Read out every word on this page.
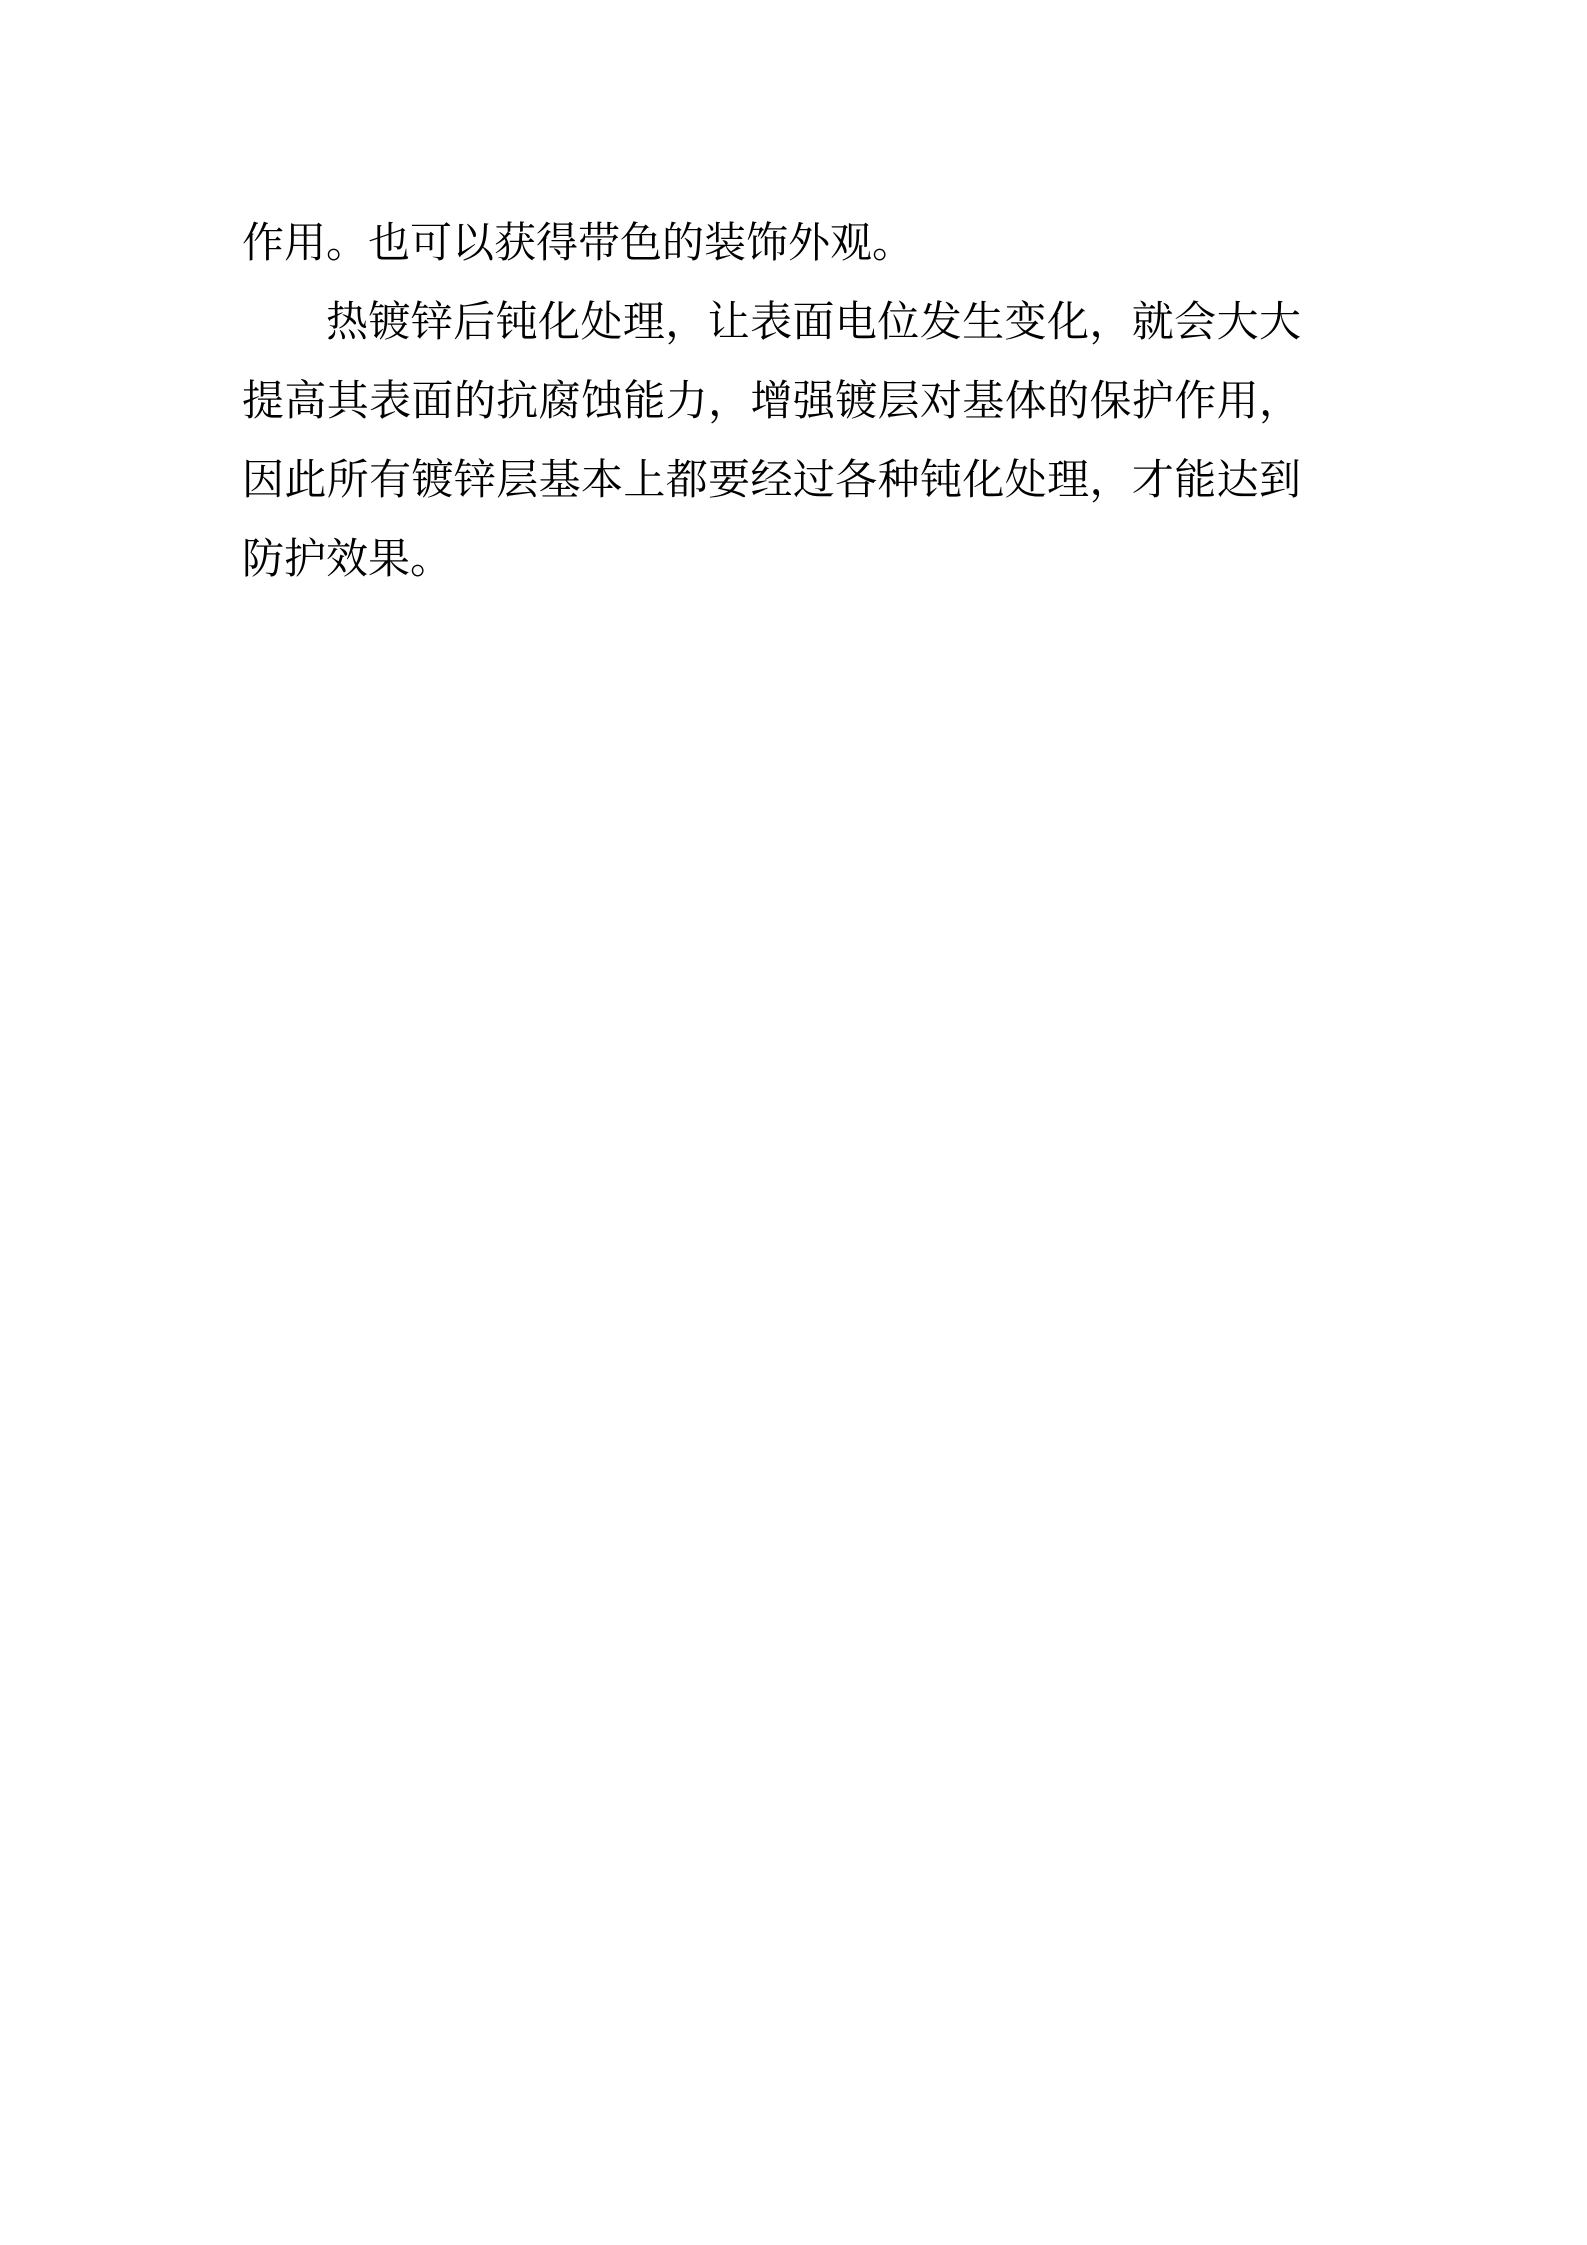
作用。也可以获得带色的装饰外观。

热镀锌后钝化处理，让表面电位发生变化，就会大大提高其表面的抗腐蚀能力，增强镀层对基体的保护作用，因此所有镀锌层基本上都要经过各种钝化处理，才能达到防护效果。
